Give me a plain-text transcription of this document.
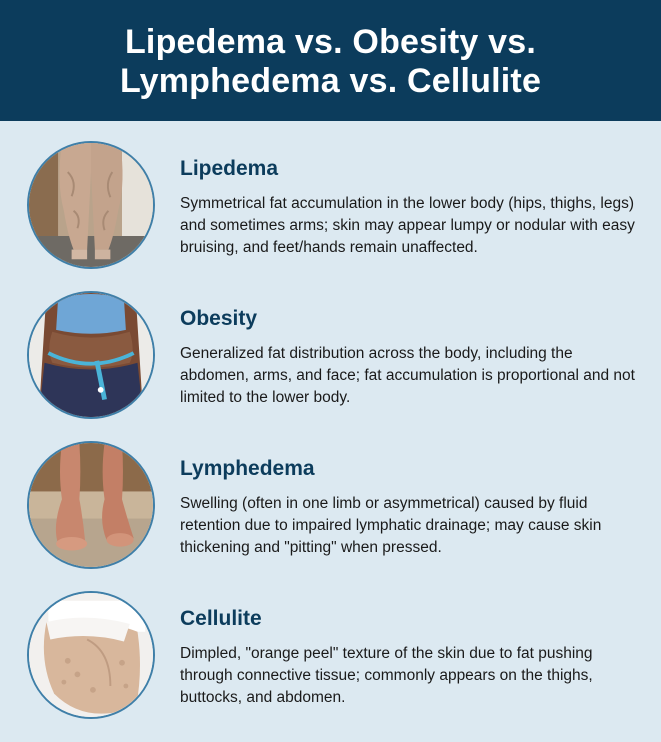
Lipedema vs. Obesity vs.
Lymphedema vs. Cellulite
Lipedema
Symmetrical fat accumulation in the lower body (hips, thighs, legs) and sometimes arms; skin may appear lumpy or nodular with easy bruising, and feet/hands remain unaffected.
Obesity
Generalized fat distribution across the body, including the abdomen, arms, and face; fat accumulation is proportional and not limited to the lower body.
Lymphedema
Swelling (often in one limb or asymmetrical) caused by fluid retention due to impaired lymphatic drainage; may cause skin thickening and "pitting" when pressed.
Cellulite
Dimpled, "orange peel" texture of the skin due to fat pushing through connective tissue; commonly appears on the thighs, buttocks, and abdomen.
